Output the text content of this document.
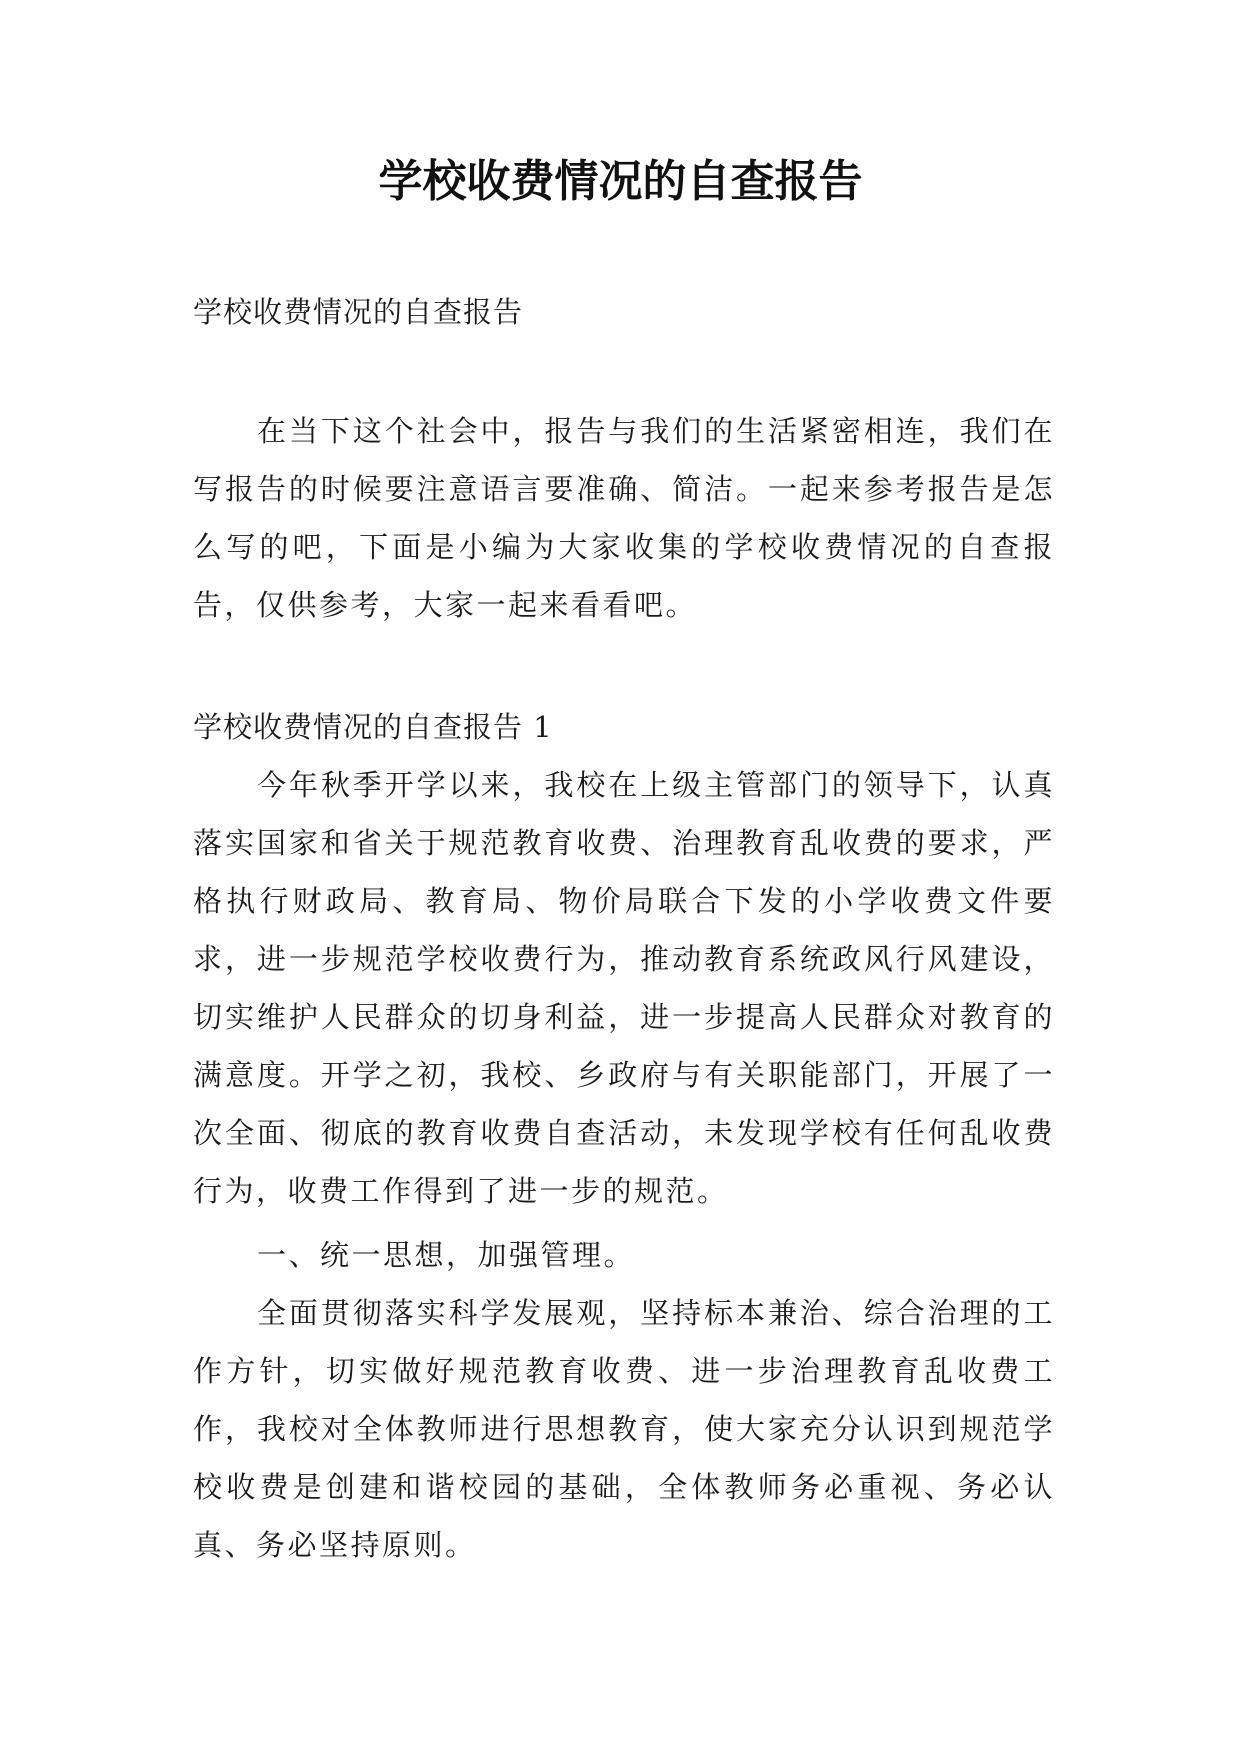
学校收费情况的自查报告

学校收费情况的自查报告

在当下这个社会中，报告与我们的生活紧密相连，我们在写报告的时候要注意语言要准确、简洁。一起来参考报告是怎么写的吧，下面是小编为大家收集的学校收费情况的自查报告，仅供参考，大家一起来看看吧。

学校收费情况的自查报告 1

今年秋季开学以来，我校在上级主管部门的领导下，认真落实国家和省关于规范教育收费、治理教育乱收费的要求，严格执行财政局、教育局、物价局联合下发的小学收费文件要求，进一步规范学校收费行为，推动教育系统政风行风建设，切实维护人民群众的切身利益，进一步提高人民群众对教育的满意度。开学之初，我校、乡政府与有关职能部门，开展了一次全面、彻底的教育收费自查活动，未发现学校有任何乱收费行为，收费工作得到了进一步的规范。

一、统一思想，加强管理。

全面贯彻落实科学发展观，坚持标本兼治、综合治理的工作方针，切实做好规范教育收费、进一步治理教育乱收费工作，我校对全体教师进行思想教育，使大家充分认识到规范学校收费是创建和谐校园的基础，全体教师务必重视、务必认真、务必坚持原则。
